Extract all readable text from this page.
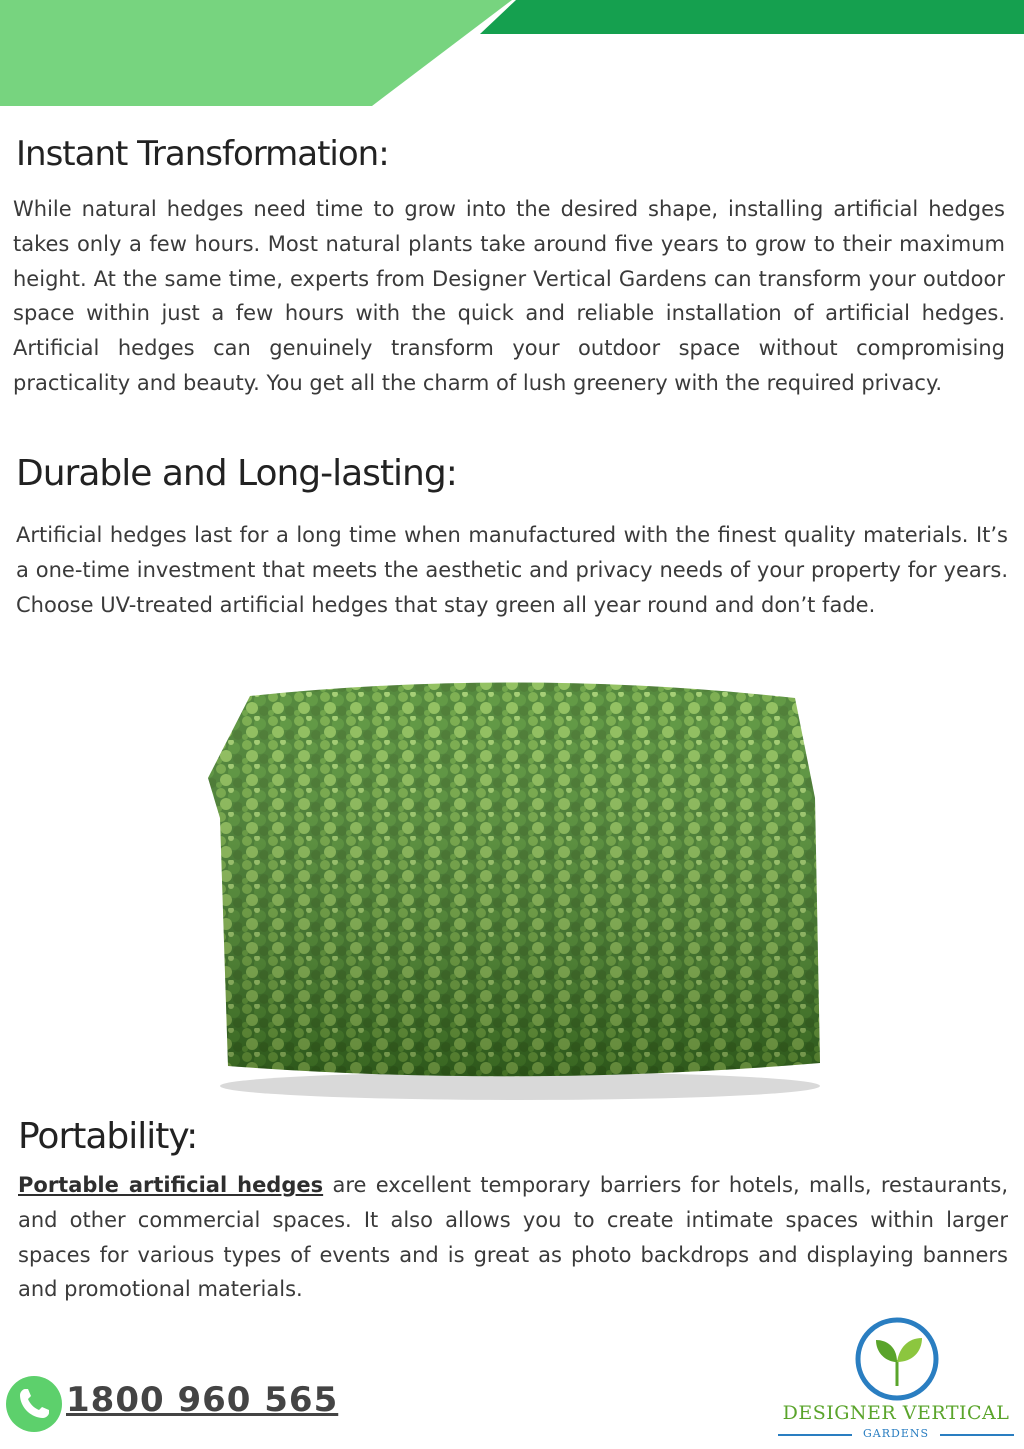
Instant Transformation:

While natural hedges need time to grow into the desired shape, installing artificial hedges takes only a few hours. Most natural plants take around five years to grow to their maximum height. At the same time, experts from Designer Vertical Gardens can transform your outdoor space within just a few hours with the quick and reliable installation of artificial hedges. Artificial hedges can genuinely transform your outdoor space without compromising practicality and beauty. You get all the charm of lush greenery with the required privacy.

Durable and Long-lasting:

Artificial hedges last for a long time when manufactured with the finest quality materials. It’s a one-time investment that meets the aesthetic and privacy needs of your property for years. Choose UV-treated artificial hedges that stay green all year round and don’t fade.

Portability:

Portable artificial hedges are excellent temporary barriers for hotels, malls, restaurants, and other commercial spaces. It also allows you to create intimate spaces within larger spaces for various types of events and is great as photo backdrops and displaying banners and promotional materials.

1800 960 565	DESIGNER VERTICAL
GARDENS
